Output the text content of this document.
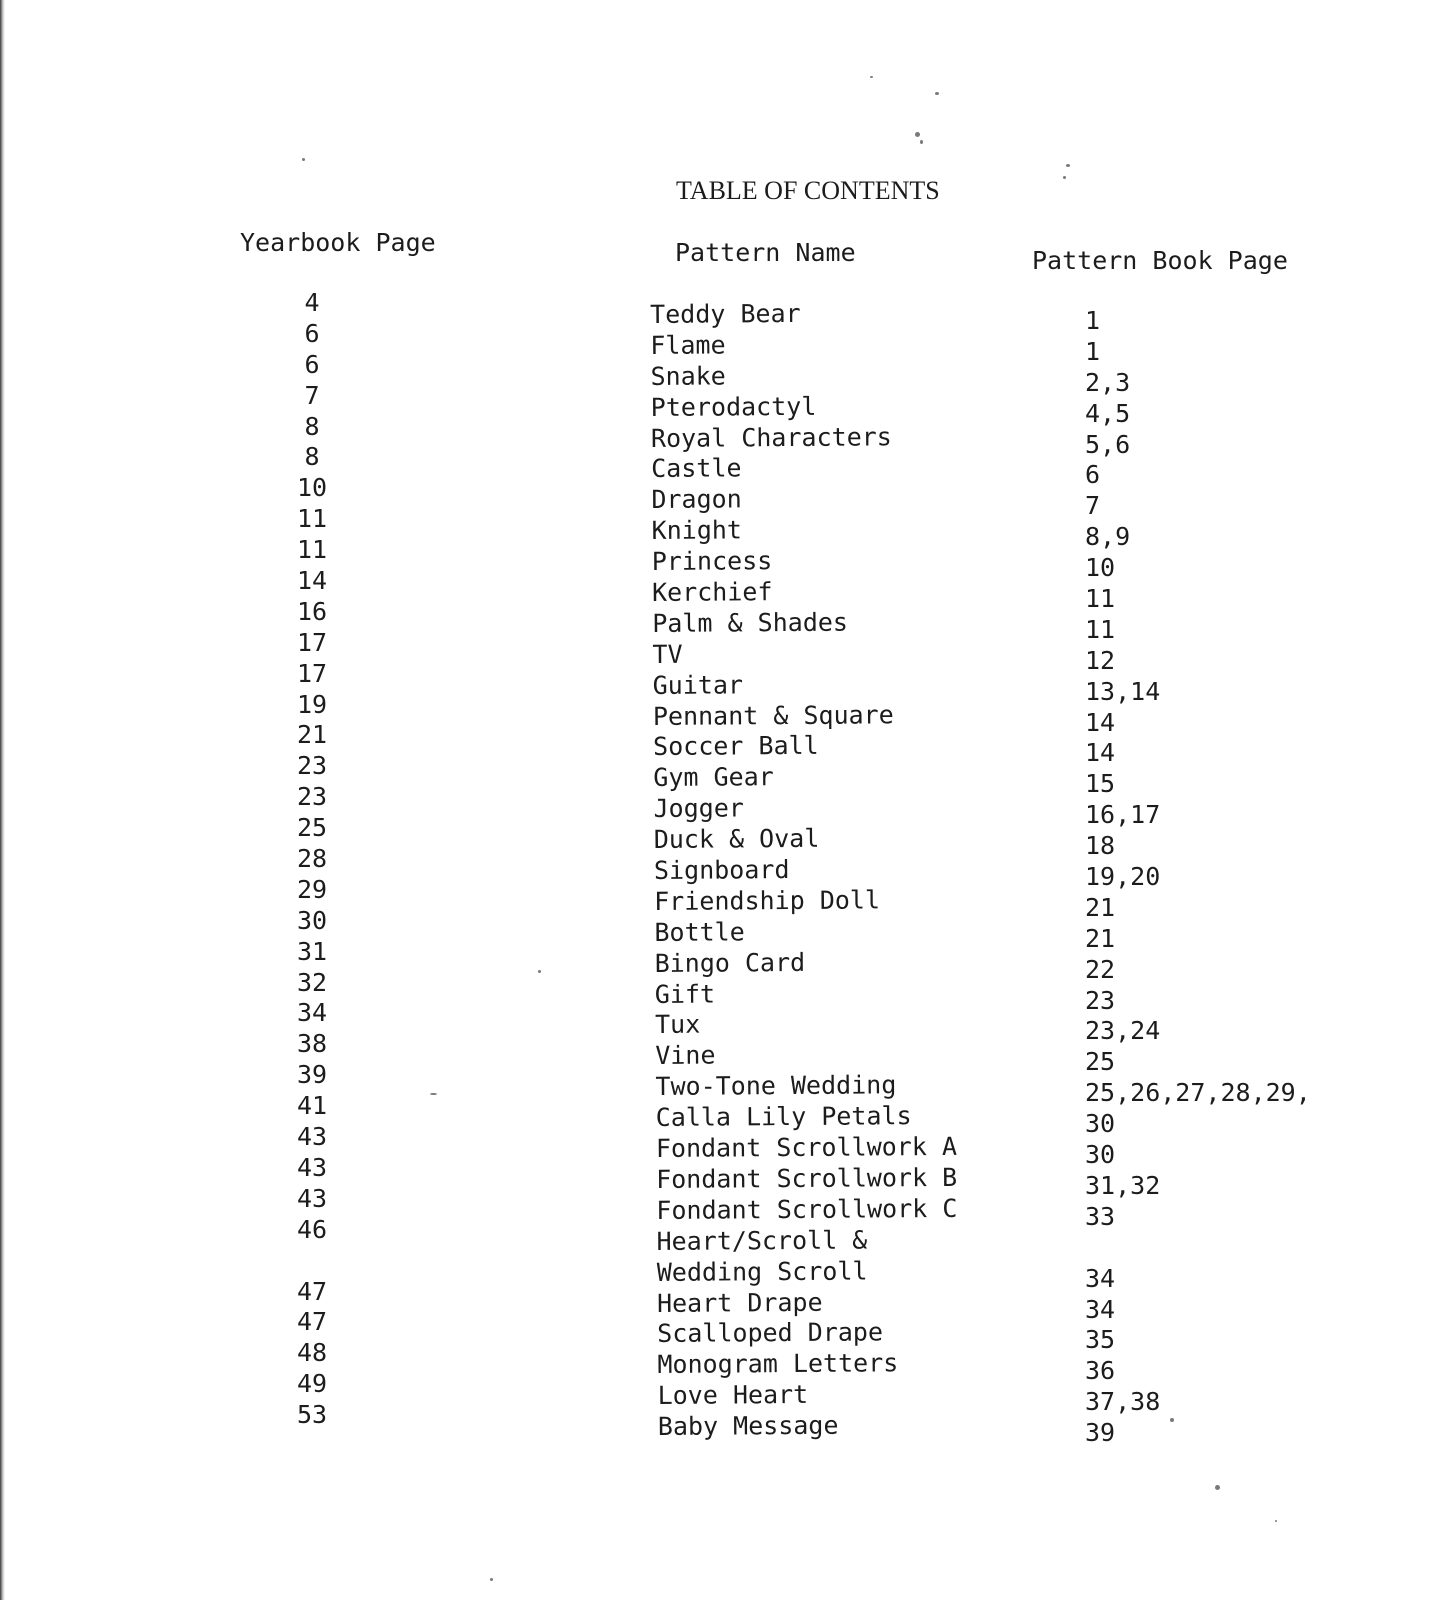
TABLE OF CONTENTS
Yearbook Page	Pattern Name	Pattern Book Page
4
6
6
7
8
8
10
11
11
14
16
17
17
19
21
23
23
25
28
29
30
31
32
34
38
39
41
43
43
43
46
47
47
48
49
53
Teddy Bear
Flame
Snake
Pterodactyl
Royal Characters
Castle
Dragon
Knight
Princess
Kerchief
Palm & Shades
TV
Guitar
Pennant & Square
Soccer Ball
Gym Gear
Jogger
Duck & Oval
Signboard
Friendship Doll
Bottle
Bingo Card
Gift
Tux
Vine
Two-Tone Wedding
Calla Lily Petals
Fondant Scrollwork A
Fondant Scrollwork B
Fondant Scrollwork C
Heart/Scroll &
Wedding Scroll
Heart Drape
Scalloped Drape
Monogram Letters
Love Heart
Baby Message
1
1
2,3
4,5
5,6
6
7
8,9
10
11
11
12
13,14
14
14
15
16,17
18
19,20
21
21
22
23
23,24
25
25,26,27,28,29,
30
30
31,32
33
34
34
35
36
37,38
39
